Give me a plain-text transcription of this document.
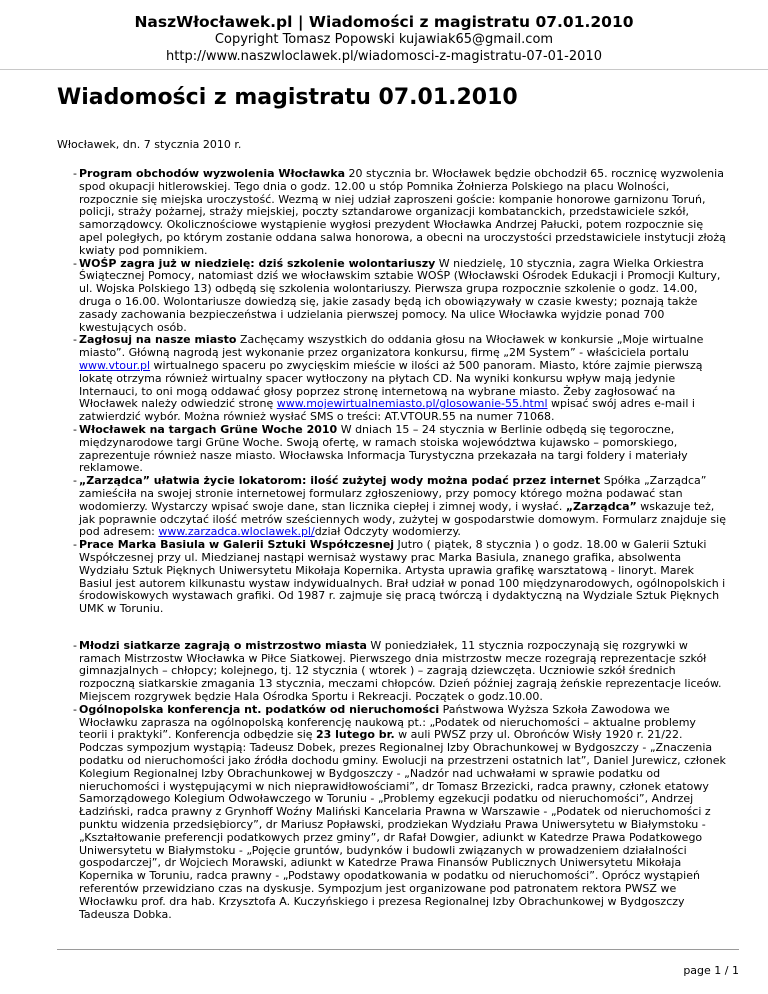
NaszWłocławek.pl | Wiadomości z magistratu 07.01.2010
Copyright Tomasz Popowski kujawiak65@gmail.com
http://www.naszwloclawek.pl/wiadomosci-z-magistratu-07-01-2010
Wiadomości z magistratu 07.01.2010
Włocławek, dn. 7 stycznia 2010 r.
- Program obchodów wyzwolenia Włocławka 20 stycznia br. Włocławek będzie obchodził 65. rocznicę wyzwolenia spod okupacji hitlerowskiej. Tego dnia o godz. 12.00 u stóp Pomnika Żołnierza Polskiego na placu Wolności, rozpocznie się miejska uroczystość. Wezmą w niej udział zaproszeni goście: kompanie honorowe garnizonu Toruń, policji, straży pożarnej, straży miejskiej, poczty sztandarowe organizacji kombatanckich, przedstawiciele szkół, samorządowcy. Okolicznościowe wystąpienie wygłosi prezydent Włocławka Andrzej Pałucki, potem rozpocznie się apel poległych, po którym zostanie oddana salwa honorowa, a obecni na uroczystości przedstawiciele instytucji złożą kwiaty pod pomnikiem.
- WOŚP zagra już w niedzielę: dziś szkolenie wolontariuszy W niedzielę, 10 stycznia, zagra Wielka Orkiestra Świątecznej Pomocy, natomiast dziś we włocławskim sztabie WOŚP (Włocławski Ośrodek Edukacji i Promocji Kultury, ul. Wojska Polskiego 13) odbędą się szkolenia wolontariuszy. Pierwsza grupa rozpocznie szkolenie o godz. 14.00, druga o 16.00. Wolontariusze dowiedzą się, jakie zasady będą ich obowiązywały w czasie kwesty; poznają także zasady zachowania bezpieczeństwa i udzielania pierwszej pomocy. Na ulice Włocławka wyjdzie ponad 700 kwestujących osób.
- Zagłosuj na nasze miasto Zachęcamy wszystkich do oddania głosu na Włocławek w konkursie „Moje wirtualne miasto”. Główną nagrodą jest wykonanie przez organizatora konkursu, firmę „2M System” - właściciela portalu www.vtour.pl wirtualnego spaceru po zwycięskim mieście w ilości aż 500 panoram. Miasto, które zajmie pierwszą lokatę otrzyma również wirtualny spacer wytłoczony na płytach CD. Na wyniki konkursu wpływ mają jedynie Internauci, to oni mogą oddawać głosy poprzez stronę internetową na wybrane miasto. Żeby zagłosować na Włocławek należy odwiedzić stronę www.mojewirtualnemiasto.pl/glosowanie-55.html wpisać swój adres e-mail i zatwierdzić wybór. Można również wysłać SMS o treści: AT.VTOUR.55 na numer 71068.
- Włocławek na targach Grüne Woche 2010 W dniach 15 – 24 stycznia w Berlinie odbędą się tegoroczne, międzynarodowe targi Grüne Woche. Swoją ofertę, w ramach stoiska województwa kujawsko – pomorskiego, zaprezentuje również nasze miasto. Włocławska Informacja Turystyczna przekazała na targi foldery i materiały reklamowe.
- „Zarządca” ułatwia życie lokatorom: ilość zużytej wody można podać przez internet Spółka „Zarządca” zamieściła na swojej stronie internetowej formularz zgłoszeniowy, przy pomocy którego można podawać stan wodomierzy. Wystarczy wpisać swoje dane, stan licznika ciepłej i zimnej wody, i wysłać. „Zarządca” wskazuje też, jak poprawnie odczytać ilość metrów sześciennych wody, zużytej w gospodarstwie domowym. Formularz znajduje się pod adresem: www.zarzadca.wloclawek.pl/dział Odczyty wodomierzy.
- Prace Marka Basiula w Galerii Sztuki Współczesnej Jutro ( piątek, 8 stycznia ) o godz. 18.00 w Galerii Sztuki Współczesnej przy ul. Miedzianej nastąpi wernisaż wystawy prac Marka Basiula, znanego grafika, absolwenta Wydziału Sztuk Pięknych Uniwersytetu Mikołaja Kopernika. Artysta uprawia grafikę warsztatową - linoryt. Marek Basiul jest autorem kilkunastu wystaw indywidualnych. Brał udział w ponad 100 międzynarodowych, ogólnopolskich i środowiskowych wystawach grafiki. Od 1987 r. zajmuje się pracą twórczą i dydaktyczną na Wydziale Sztuk Pięknych UMK w Toruniu.
- Młodzi siatkarze zagrają o mistrzostwo miasta W poniedziałek, 11 stycznia rozpoczynają się rozgrywki w ramach Mistrzostw Włocławka w Piłce Siatkowej. Pierwszego dnia mistrzostw mecze rozegrają reprezentacje szkół gimnazjalnych – chłopcy; kolejnego, tj. 12 stycznia ( wtorek ) – zagrają dziewczęta. Uczniowie szkół średnich rozpoczną siatkarskie zmagania 13 stycznia, meczami chłopców. Dzień później zagrają żeńskie reprezentacje liceów. Miejscem rozgrywek będzie Hala Ośrodka Sportu i Rekreacji. Początek o godz.10.00.
- Ogólnopolska konferencja nt. podatków od nieruchomości Państwowa Wyższa Szkoła Zawodowa we Włocławku zaprasza na ogólnopolską konferencję naukową pt.: „Podatek od nieruchomości – aktualne problemy teorii i praktyki”. Konferencja odbędzie się 23 lutego br. w auli PWSZ przy ul. Obrońców Wisły 1920 r. 21/22. Podczas sympozjum wystąpią: Tadeusz Dobek, prezes Regionalnej Izby Obrachunkowej w Bydgoszczy - „Znaczenia podatku od nieruchomości jako źródła dochodu gminy. Ewolucji na przestrzeni ostatnich lat”, Daniel Jurewicz, członek Kolegium Regionalnej Izby Obrachunkowej w Bydgoszczy - „Nadzór nad uchwałami w sprawie podatku od nieruchomości i występującymi w nich nieprawidłowościami”, dr Tomasz Brzezicki, radca prawny, członek etatowy Samorządowego Kolegium Odwoławczego w Toruniu - „Problemy egzekucji podatku od nieruchomości”, Andrzej Ładziński, radca prawny z Grynhoff Woźny Maliński Kancelaria Prawna w Warszawie - „Podatek od nieruchomości z punktu widzenia przedsiębiorcy”, dr Mariusz Popławski, prodziekan Wydziału Prawa Uniwersytetu w Białymstoku - „Kształtowanie preferencji podatkowych przez gminy”, dr Rafał Dowgier, adiunkt w Katedrze Prawa Podatkowego Uniwersytetu w Białymstoku - „Pojęcie gruntów, budynków i budowli związanych w prowadzeniem działalności gospodarczej”, dr Wojciech Morawski, adiunkt w Katedrze Prawa Finansów Publicznych Uniwersytetu Mikołaja Kopernika w Toruniu, radca prawny - „Podstawy opodatkowania w podatku od nieruchomości”. Oprócz wystąpień referentów przewidziano czas na dyskusje. Sympozjum jest organizowane pod patronatem rektora PWSZ we Włocławku prof. dra hab. Krzysztofa A. Kuczyńskiego i prezesa Regionalnej Izby Obrachunkowej w Bydgoszczy Tadeusza Dobka.
page 1 / 1
